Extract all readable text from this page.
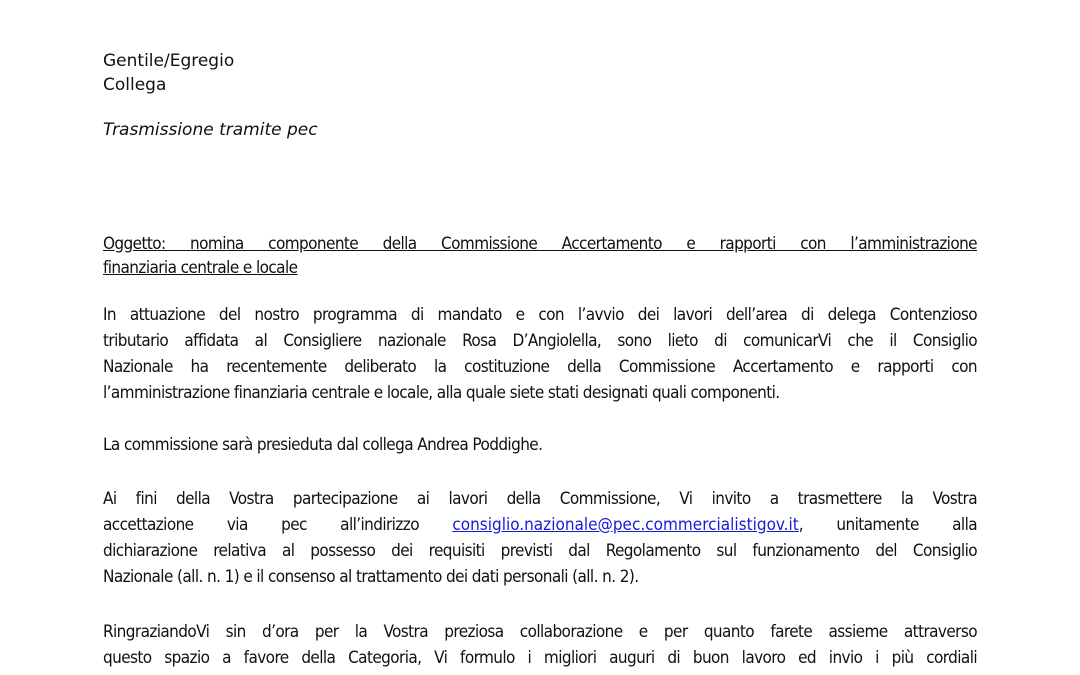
Gentile/Egregio
Collega
Trasmissione tramite pec
Oggetto: nomina componente della Commissione Accertamento e rapporti con l’amministrazione
finanziaria centrale e locale
In attuazione del nostro programma di mandato e con l’avvio dei lavori dell’area di delega Contenzioso
tributario affidata al Consigliere nazionale Rosa D’Angiolella, sono lieto di comunicarVi che il Consiglio
Nazionale ha recentemente deliberato la costituzione della Commissione Accertamento e rapporti con
l’amministrazione finanziaria centrale e locale, alla quale siete stati designati quali componenti.
La commissione sarà presieduta dal collega Andrea Poddighe.
Ai fini della Vostra partecipazione ai lavori della Commissione, Vi invito a trasmettere la Vostra
accettazione via pec all’indirizzo consiglio.nazionale@pec.commercialistigov.it, unitamente alla
dichiarazione relativa al possesso dei requisiti previsti dal Regolamento sul funzionamento del Consiglio
Nazionale (all. n. 1) e il consenso al trattamento dei dati personali (all. n. 2).
RingraziandoVi sin d’ora per la Vostra preziosa collaborazione e per quanto farete assieme attraverso
questo spazio a favore della Categoria, Vi formulo i migliori auguri di buon lavoro ed invio i più cordiali
